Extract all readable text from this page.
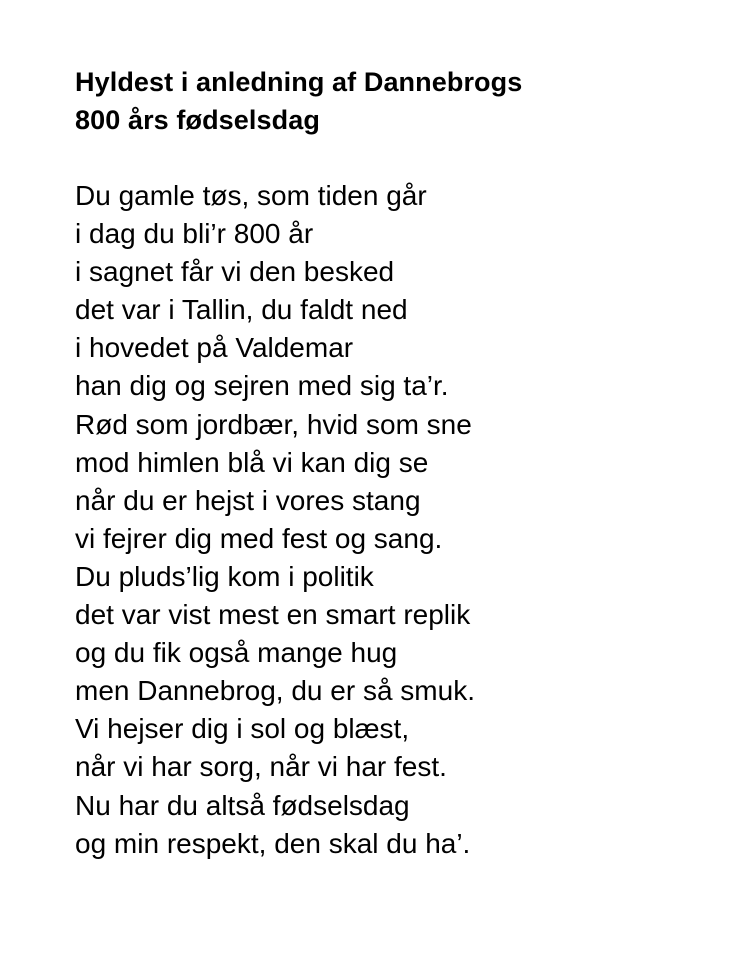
Hyldest i anledning af Dannebrogs
800 års fødselsdag
Du gamle tøs, som tiden går
i dag du bli’r 800 år
i sagnet får vi den besked
det var i Tallin, du faldt ned
i hovedet på Valdemar
han dig og sejren med sig ta’r.
Rød som jordbær, hvid som sne
mod himlen blå vi kan dig se
når du er hejst i vores stang
vi fejrer dig med fest og sang.
Du pluds’lig kom i politik
det var vist mest en smart replik
og du fik også mange hug
men Dannebrog, du er så smuk.
Vi hejser dig i sol og blæst,
når vi har sorg, når vi har fest.
Nu har du altså fødselsdag
og min respekt, den skal du ha’.
